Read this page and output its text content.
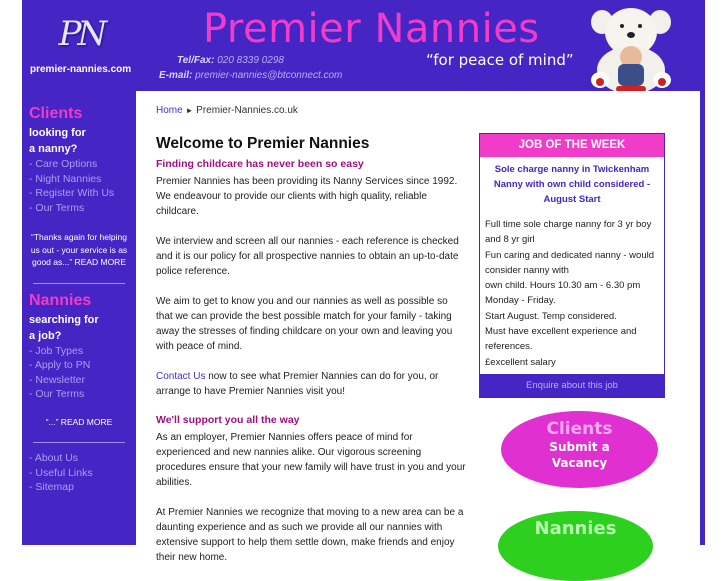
PN
premier-nannies.com
Premier Nannies
“for peace of mind”
Tel/Fax: 020 8339 0298
E-mail: premier-nannies@btconnect.com
Clients
looking for
a nanny?
- Care Options
- Night Nannies
- Register With Us
- Our Terms
“Thanks again for helping us out - your service is as good as...” READ MORE
Nannies
searching for
a job?
- Job Types
- Apply to PN
- Newsletter
- Our Terms
“...” READ MORE
- About Us
- Useful Links
- Sitemap
Home ► Premier-Nannies.co.uk
Welcome to Premier Nannies
Finding childcare has never been so easy

Premier Nannies has been providing its Nanny Services since 1992. We endeavour to provide our clients with high quality, reliable childcare.

We interview and screen all our nannies - each reference is checked and it is our policy for all prospective nannies to obtain an up-to-date police reference.

We aim to get to know you and our nannies as well as possible so that we can provide the best possible match for your family - taking away the stresses of finding childcare on your own and leaving you with peace of mind.

Contact Us now to see what Premier Nannies can do for you, or arrange to have Premier Nannies visit you!

We'll support you all the way

As an employer, Premier Nannies offers peace of mind for experienced and new nannies alike. Our vigorous screening procedures ensure that your new family will have trust in you and your abilities.

At Premier Nannies we recognize that moving to a new area can be a daunting experience and as such we provide all our nannies with extensive support to help them settle down, make friends and enjoy their new home.

JOB OF THE WEEK
Sole charge nanny in Twickenham Nanny with own child considered - August Start
Full time sole charge nanny for 3 yr boy and 8 yr girl
Fun caring and dedicated nanny - would consider nanny with
own child. Hours 10.30 am - 6.30 pm Monday - Friday.
Start August. Temp considered.
Must have excellent experience and references.
£excellent salary
Enquire about this job
Clients
Submit a
Vacancy
Nannies
